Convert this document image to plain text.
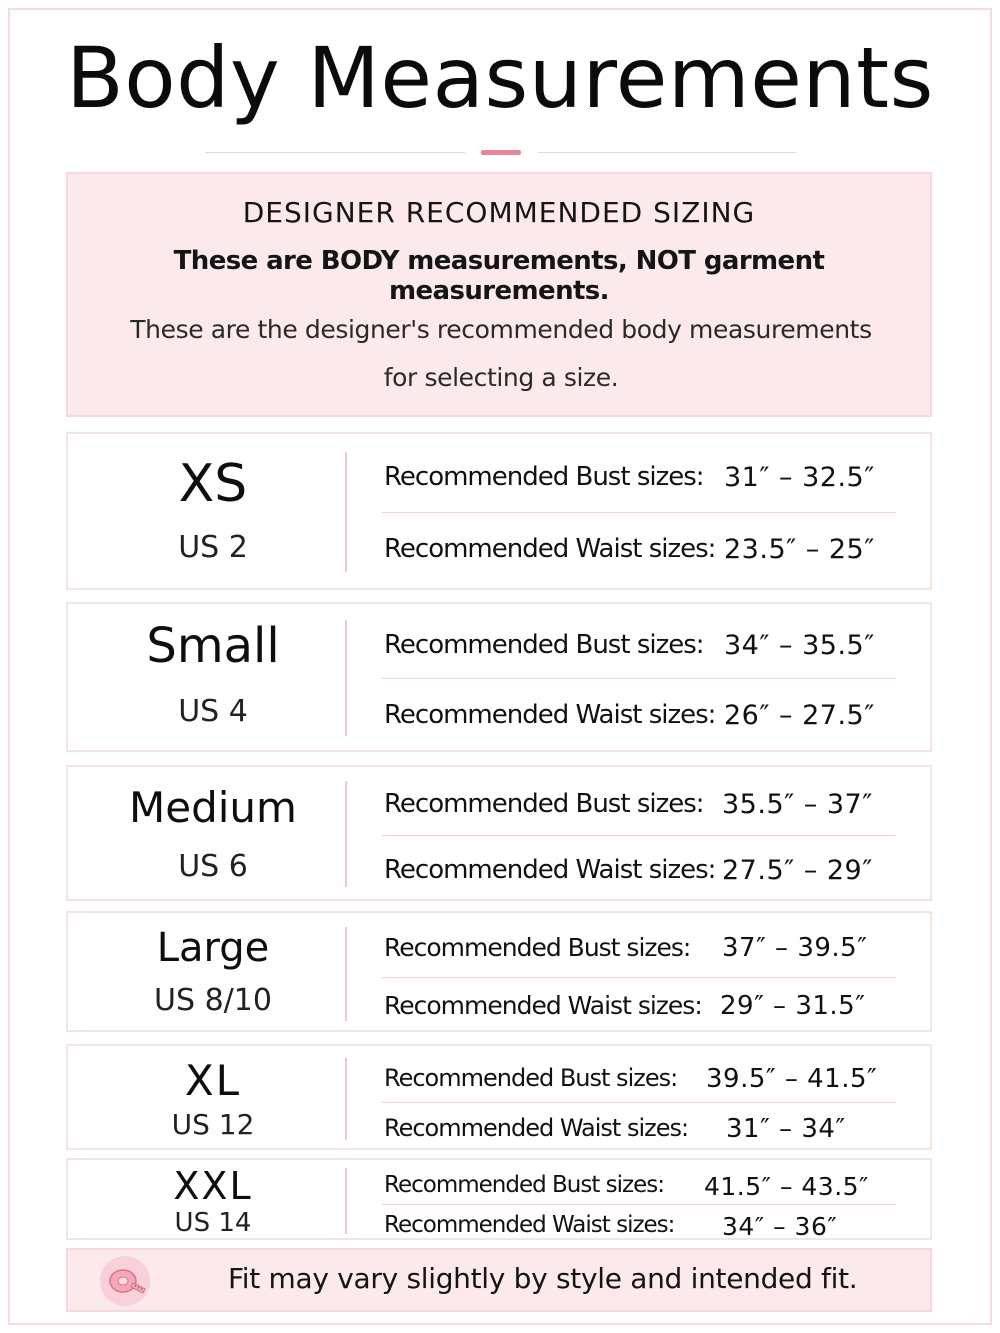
Body Measurements
DESIGNER RECOMMENDED SIZING
These are BODY measurements, NOT garment measurements.
These are the designer's recommended body measurements
for selecting a size.
XS
US 2
Recommended Bust sizes: 31″ – 32.5″
Recommended Waist sizes: 23.5″ – 25″
Small
US 4
Recommended Bust sizes: 34″ – 35.5″
Recommended Waist sizes: 26″ – 27.5″
Medium
US 6
Recommended Bust sizes: 35.5″ – 37″
Recommended Waist sizes: 27.5″ – 29″
Large
US 8/10
Recommended Bust sizes: 37″ – 39.5″
Recommended Waist sizes: 29″ – 31.5″
XL
US 12
Recommended Bust sizes: 39.5″ – 41.5″
Recommended Waist sizes: 31″ – 34″
XXL
US 14
Recommended Bust sizes: 41.5″ – 43.5″
Recommended Waist sizes: 34″ – 36″
Fit may vary slightly by style and intended fit.
